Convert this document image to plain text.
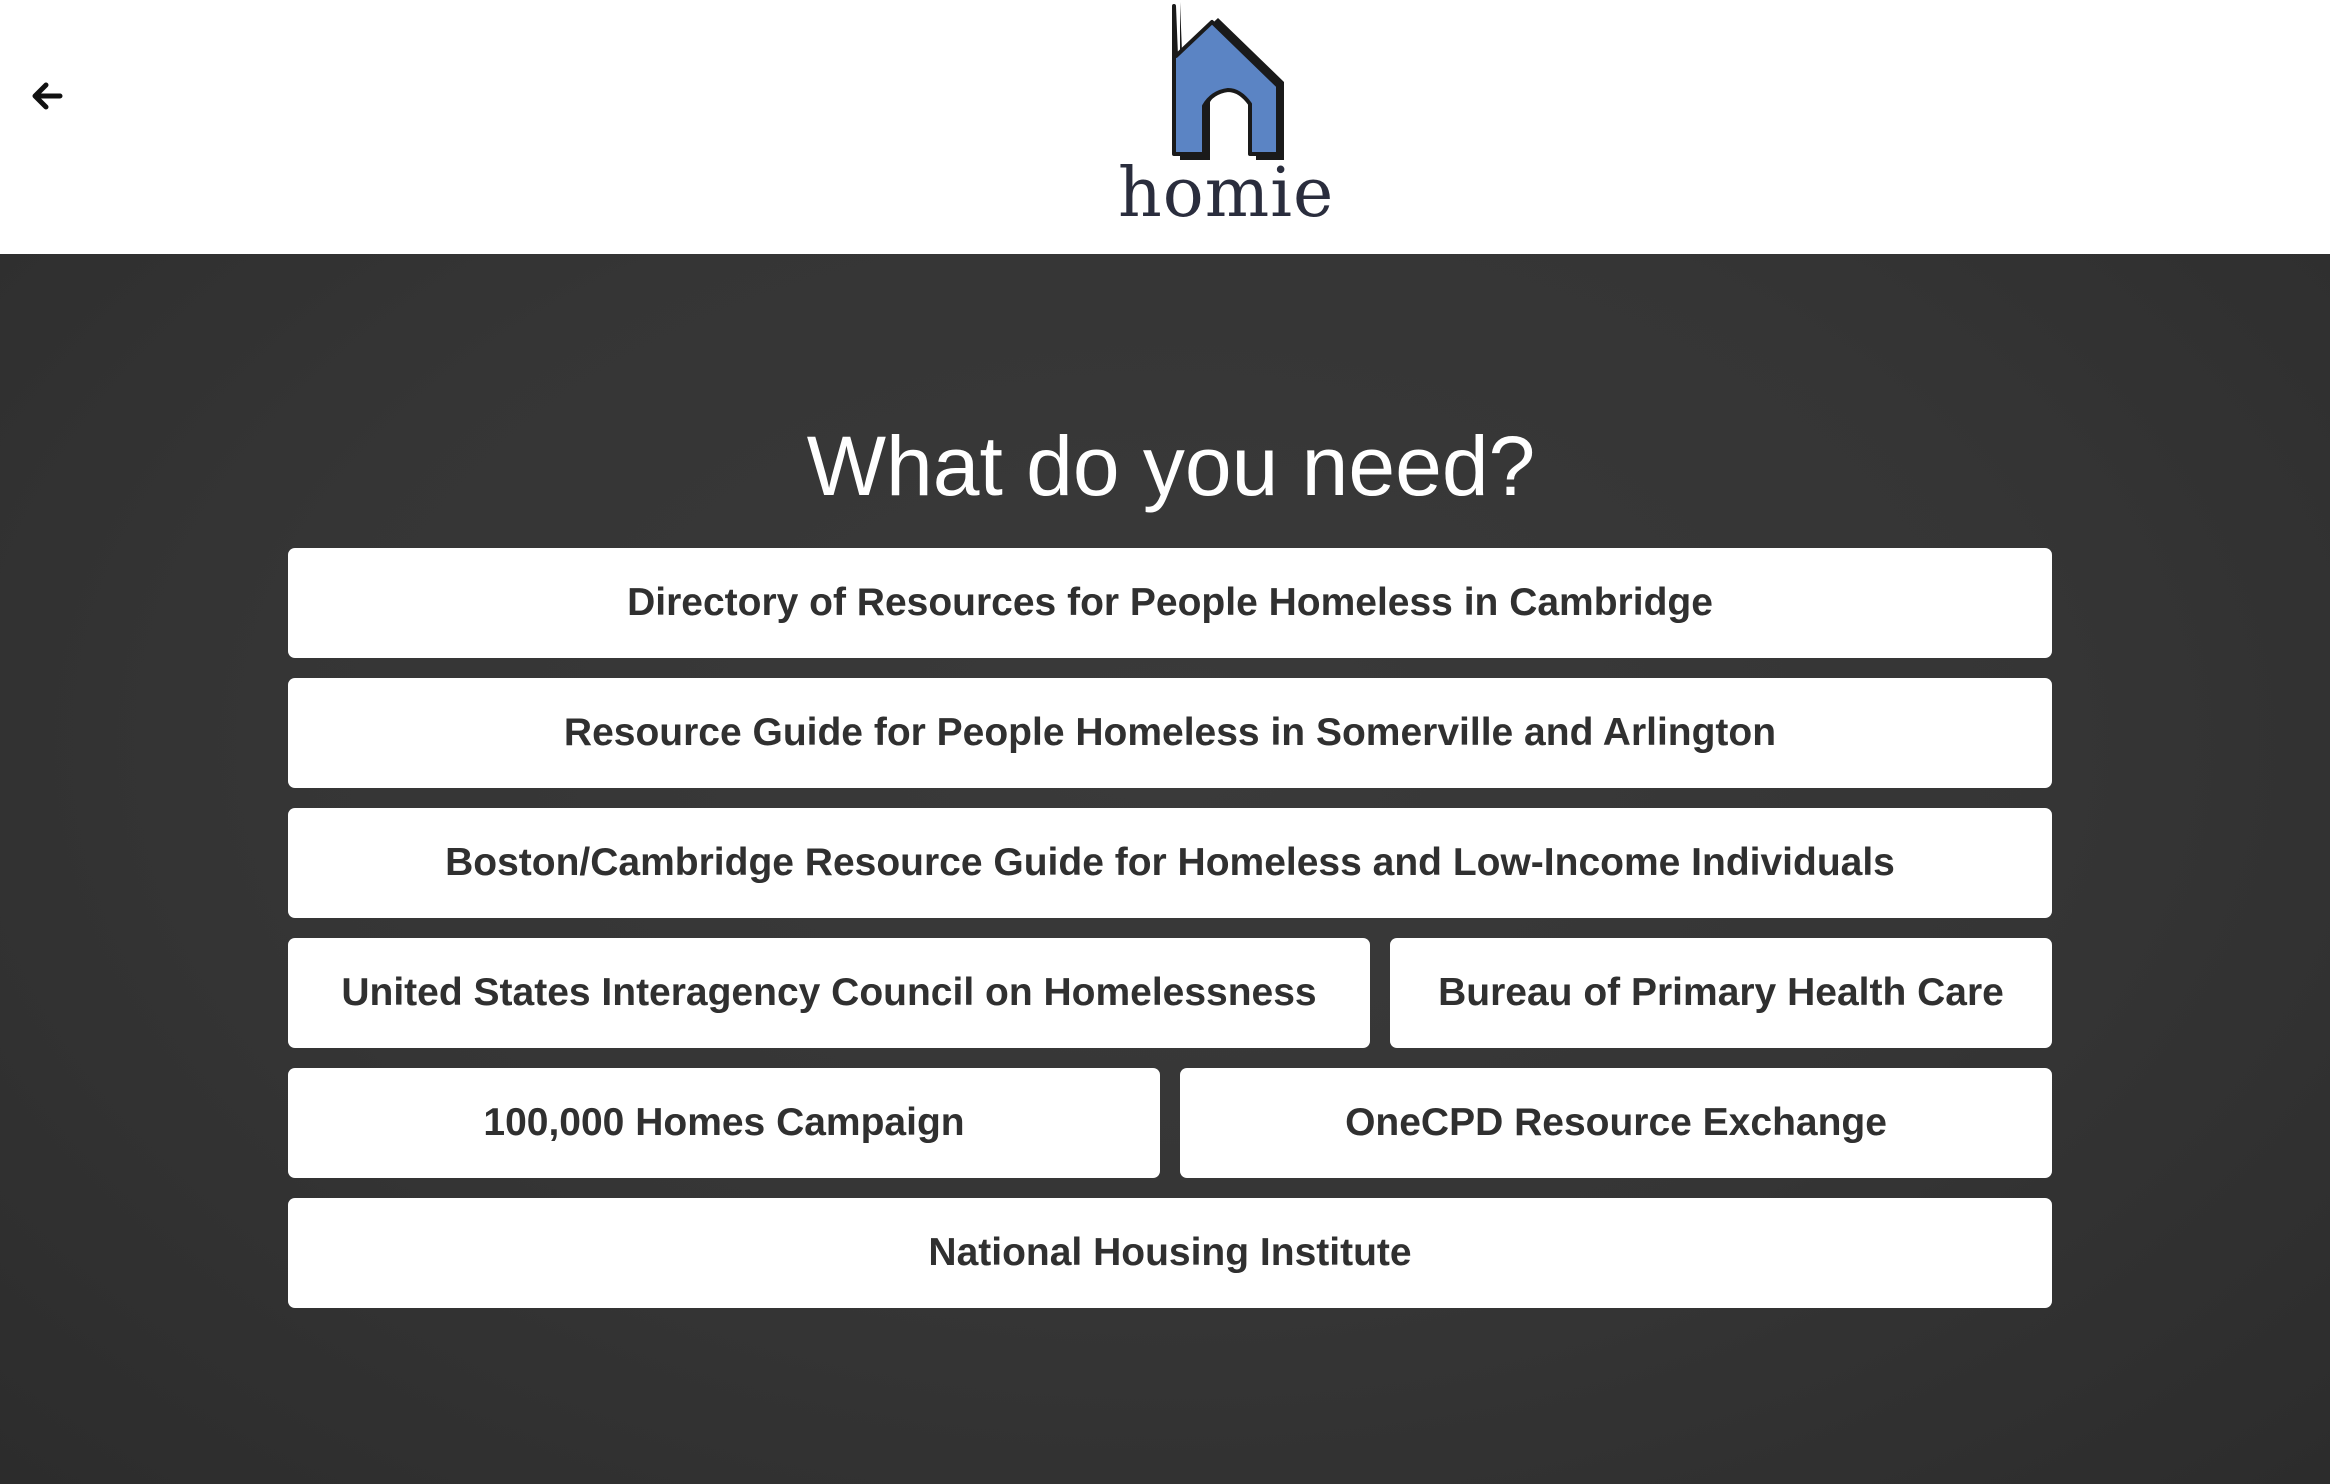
homie
What do you need?
Directory of Resources for People Homeless in Cambridge
Resource Guide for People Homeless in Somerville and Arlington
Boston/Cambridge Resource Guide for Homeless and Low-Income Individuals
United States Interagency Council on Homelessness	Bureau of Primary Health Care
100,000 Homes Campaign	OneCPD Resource Exchange
National Housing Institute
